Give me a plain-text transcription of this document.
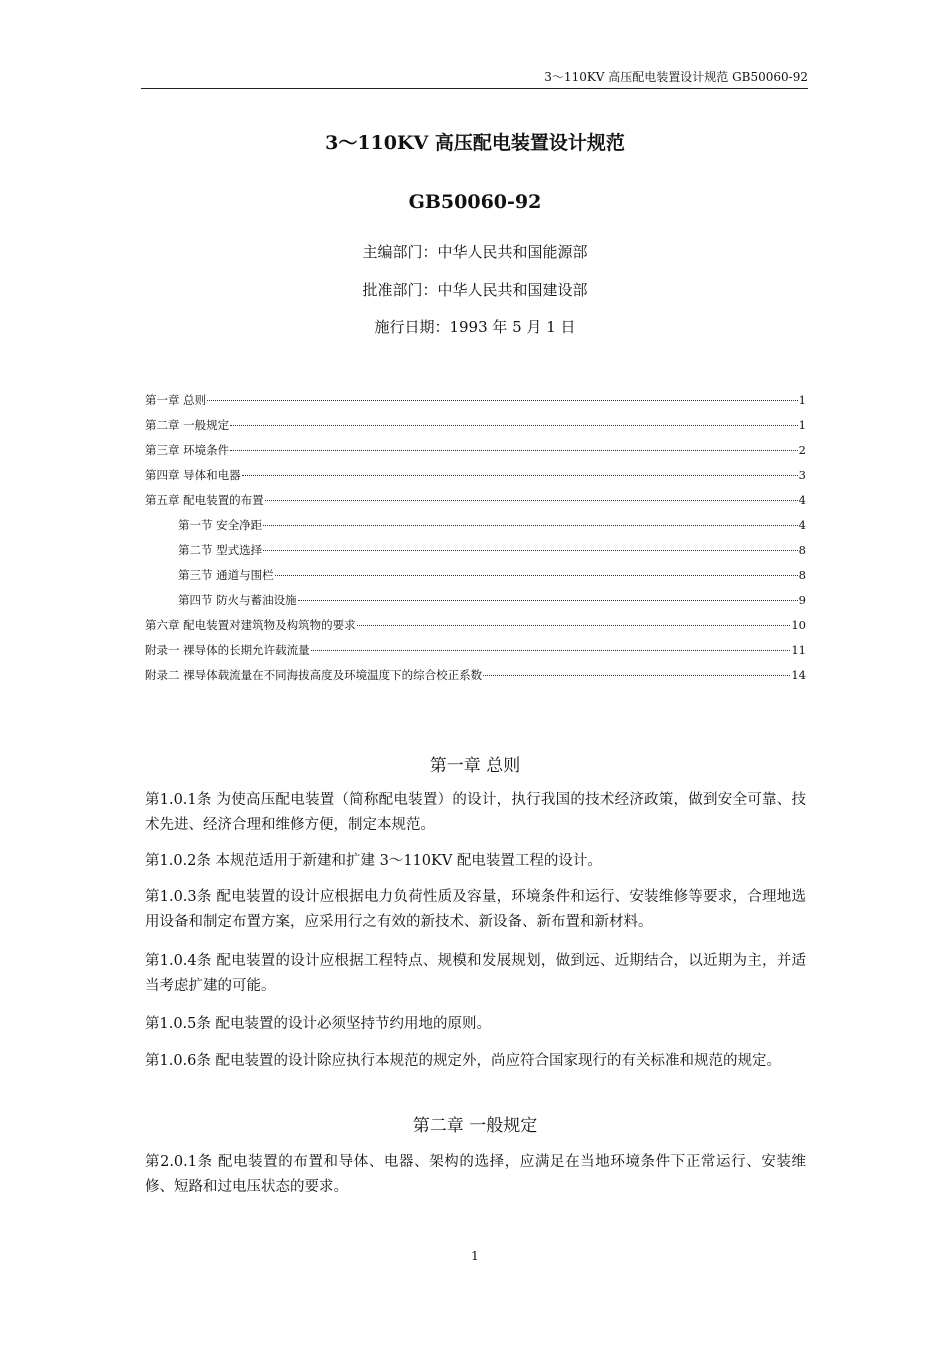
3～110KV 高压配电装置设计规范 GB50060-92
3～110KV 高压配电装置设计规范
GB50060-92
主编部门：中华人民共和国能源部
批准部门：中华人民共和国建设部
施行日期：1993 年 5 月 1 日
第一章 总则	1
第二章 一般规定	1
第三章 环境条件	2
第四章 导体和电器	3
第五章 配电装置的布置	4
第一节 安全净距	4
第二节 型式选择	8
第三节 通道与围栏	8
第四节 防火与蓄油设施	9
第六章 配电装置对建筑物及构筑物的要求	10
附录一 裸导体的长期允许载流量	11
附录二 裸导体载流量在不同海拔高度及环境温度下的综合校正系数	14
第一章 总则

第1.0.1条 为使高压配电装置（简称配电装置）的设计，执行我国的技术经济政策，做到安全可靠、技术先进、经济合理和维修方便，制定本规范。

第1.0.2条 本规范适用于新建和扩建 3～110KV 配电装置工程的设计。

第1.0.3条 配电装置的设计应根据电力负荷性质及容量，环境条件和运行、安装维修等要求，合理地选用设备和制定布置方案，应采用行之有效的新技术、新设备、新布置和新材料。

第1.0.4条 配电装置的设计应根据工程特点、规模和发展规划，做到远、近期结合，以近期为主，并适当考虑扩建的可能。

第1.0.5条 配电装置的设计必须坚持节约用地的原则。

第1.0.6条 配电装置的设计除应执行本规范的规定外，尚应符合国家现行的有关标准和规范的规定。

第二章 一般规定

第2.0.1条 配电装置的布置和导体、电器、架构的选择，应满足在当地环境条件下正常运行、安装维修、短路和过电压状态的要求。

1
